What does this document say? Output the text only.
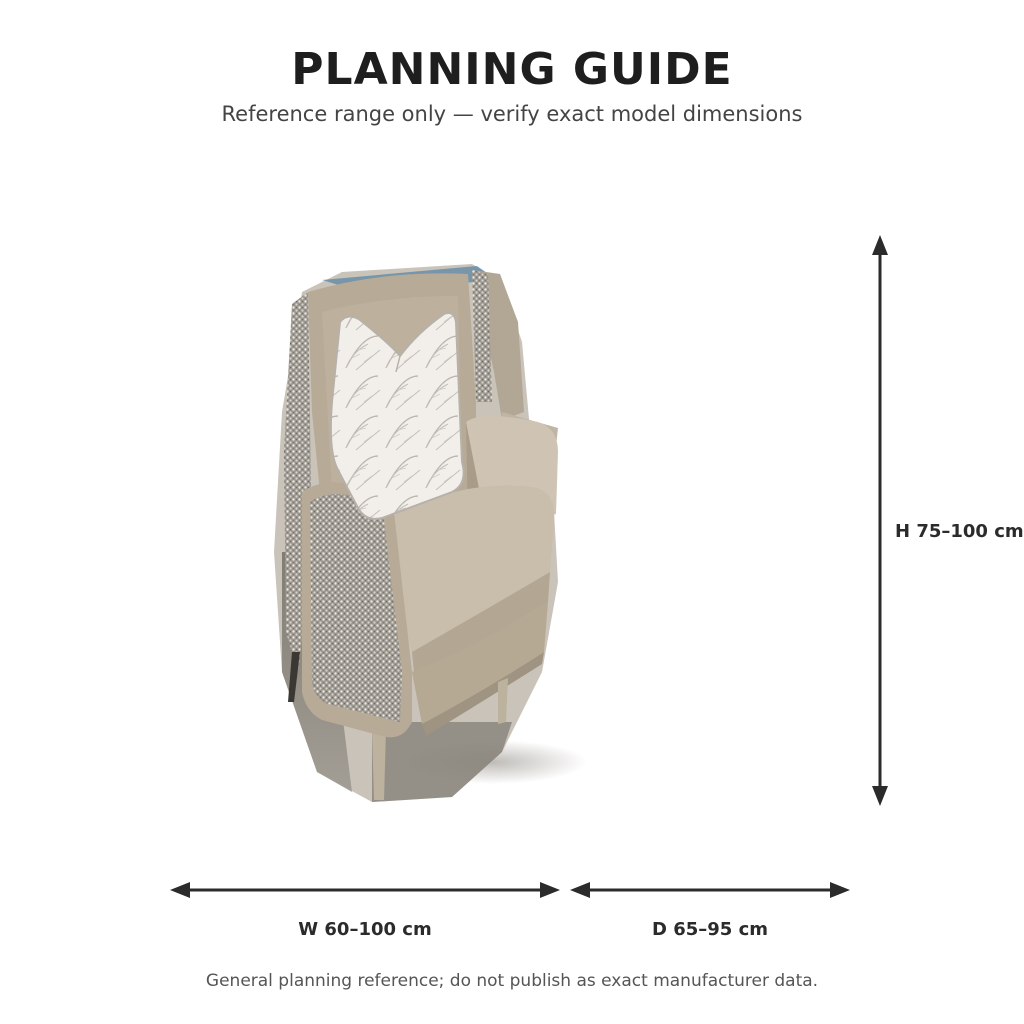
PLANNING GUIDE
Reference range only — verify exact model dimensions
W 60–100 cm	D 65–95 cm
H 75–100 cm
General planning reference; do not publish as exact manufacturer data.
